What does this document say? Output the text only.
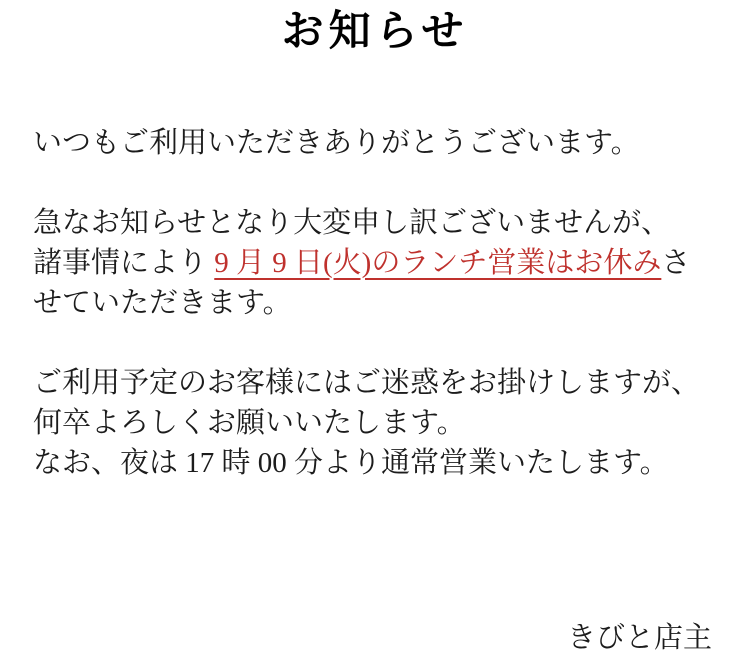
お知らせ

いつもご利用いただきありがとうございます。

急なお知らせとなり大変申し訳ございませんが、
諸事情により 9 月 9 日(火)のランチ営業はお休みさ
せていただきます。

ご利用予定のお客様にはご迷惑をお掛けしますが、
何卒よろしくお願いいたします。
なお、夜は 17 時 00 分より通常営業いたします。

きびと店主
